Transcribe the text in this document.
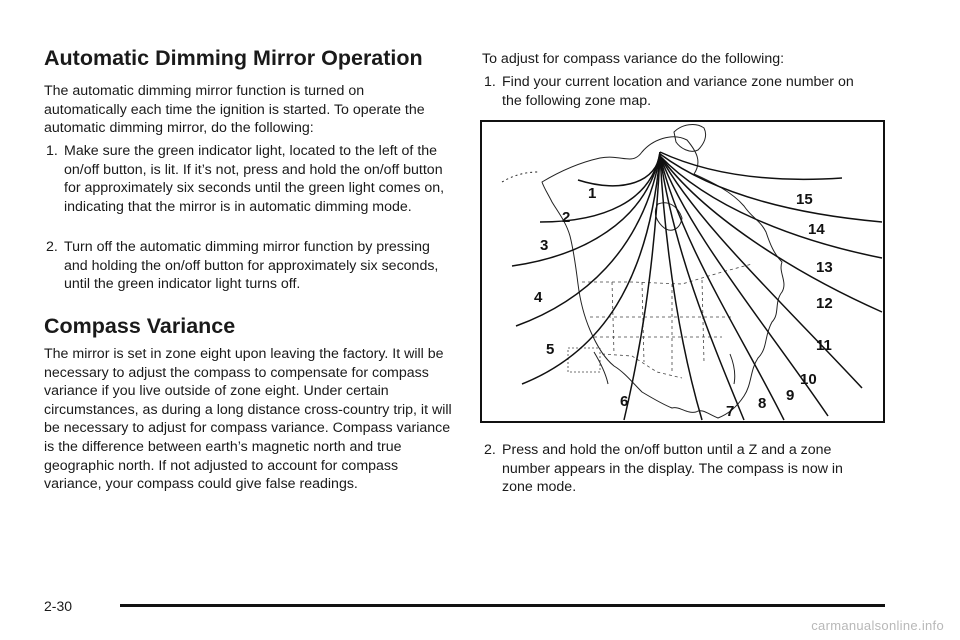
Automatic Dimming Mirror Operation

The automatic dimming mirror function is turned on automatically each time the ignition is started. To operate the automatic dimming mirror, do the following:

1. Make sure the green indicator light, located to the left of the on/off button, is lit. If it’s not, press and hold the on/off button for approximately six seconds until the green light comes on, indicating that the mirror is in automatic dimming mode.
2. Turn off the automatic dimming mirror function by pressing and holding the on/off button for approximately six seconds, until the green indicator light turns off.
Compass Variance

The mirror is set in zone eight upon leaving the factory. It will be necessary to adjust the compass to compensate for compass variance if you live outside of zone eight. Under certain circumstances, as during a long distance cross-country trip, it will be necessary to adjust for compass variance. Compass variance is the difference between earth’s magnetic north and true geographic north. If not adjusted to account for compass variance, your compass could give false readings.

To adjust for compass variance do the following:

1. Find your current location and variance zone number on the following zone map.
2. Press and hold the on/off button until a Z and a zone number appears in the display. The compass is now in zone mode.
1
2
3
4
5
6
7 8 9
10
11
12
13
14
15
2-30
carmanualsonline.info
